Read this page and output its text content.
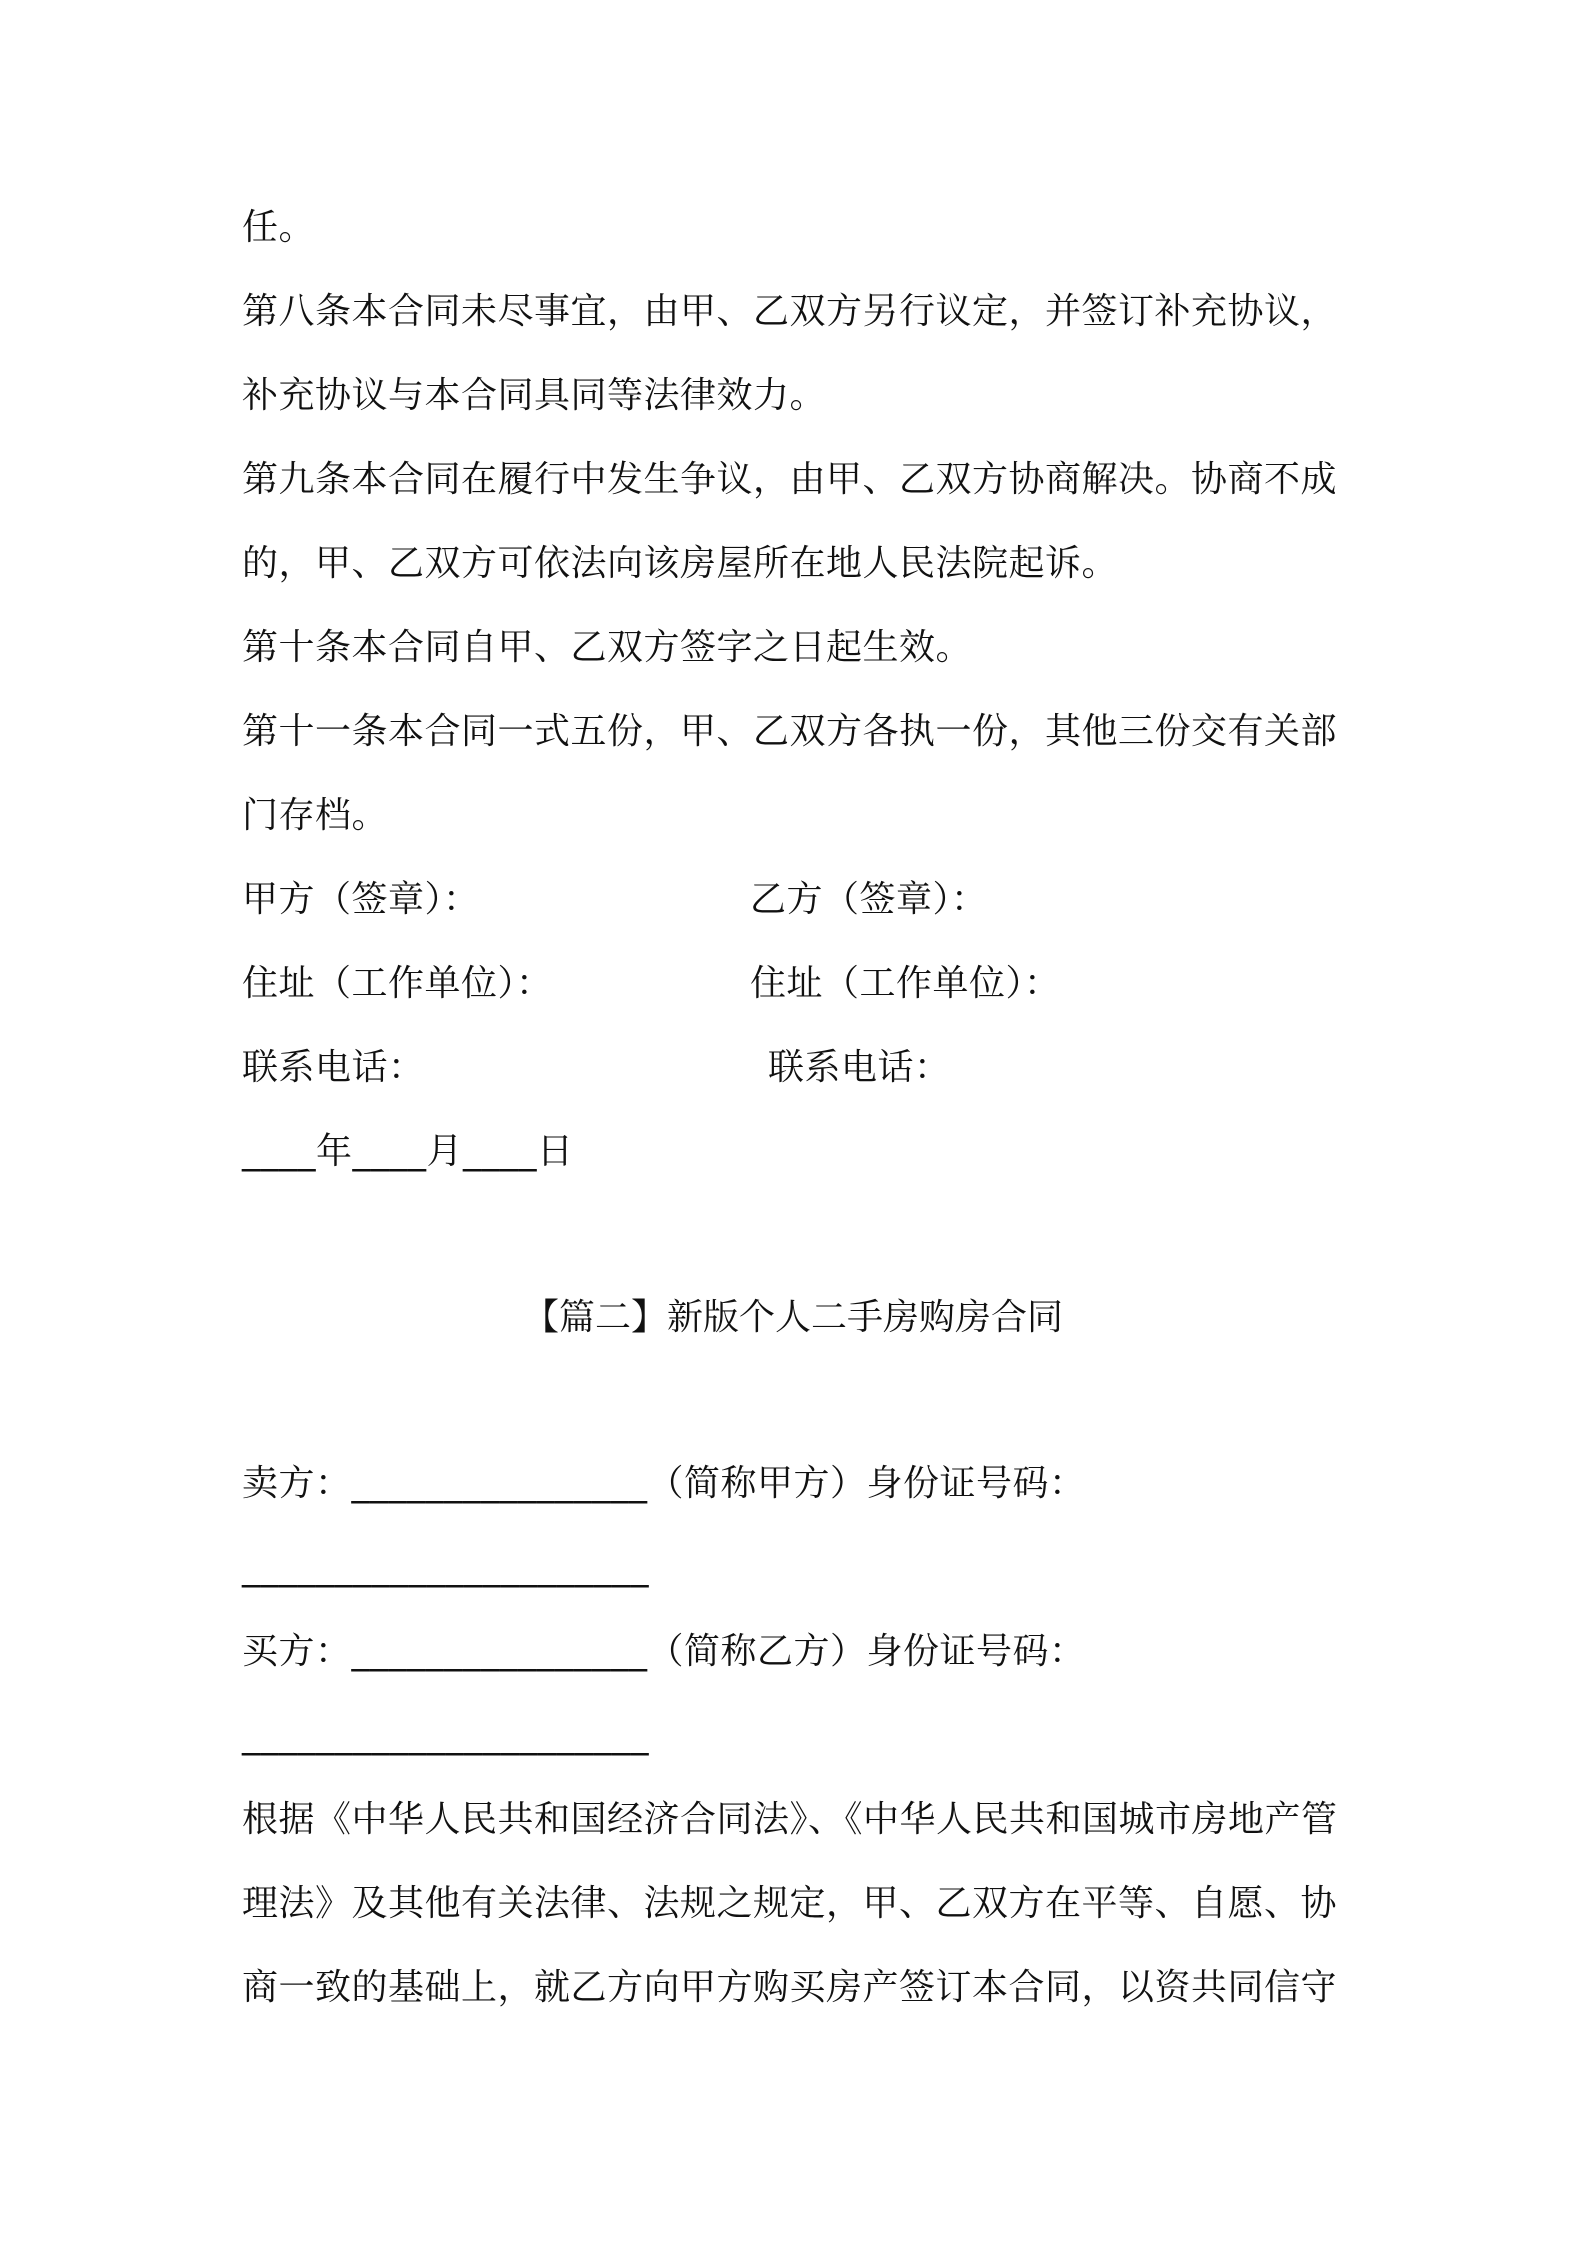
任。
第八条本合同未尽事宜，由甲、乙双方另行议定，并签订补充协议，
补充协议与本合同具同等法律效力。
第九条本合同在履行中发生争议，由甲、乙双方协商解决。协商不成
的，甲、乙双方可依法向该房屋所在地人民法院起诉。
第十条本合同自甲、乙双方签字之日起生效。
第十一条本合同一式五份，甲、乙双方各执一份，其他三份交有关部
门存档。
甲方（签章）：	乙方（签章）：
住址（工作单位）：	住址（工作单位）：
联系电话：	联系电话：
____年____月____日
【篇二】新版个人二手房购房合同
卖方：________________（简称甲方）身份证号码：
______________________
买方：________________（简称乙方）身份证号码：
______________________
根据《中华人民共和国经济合同法》、《中华人民共和国城市房地产管
理法》及其他有关法律、法规之规定，甲、乙双方在平等、自愿、协
商一致的基础上，就乙方向甲方购买房产签订本合同，以资共同信守
